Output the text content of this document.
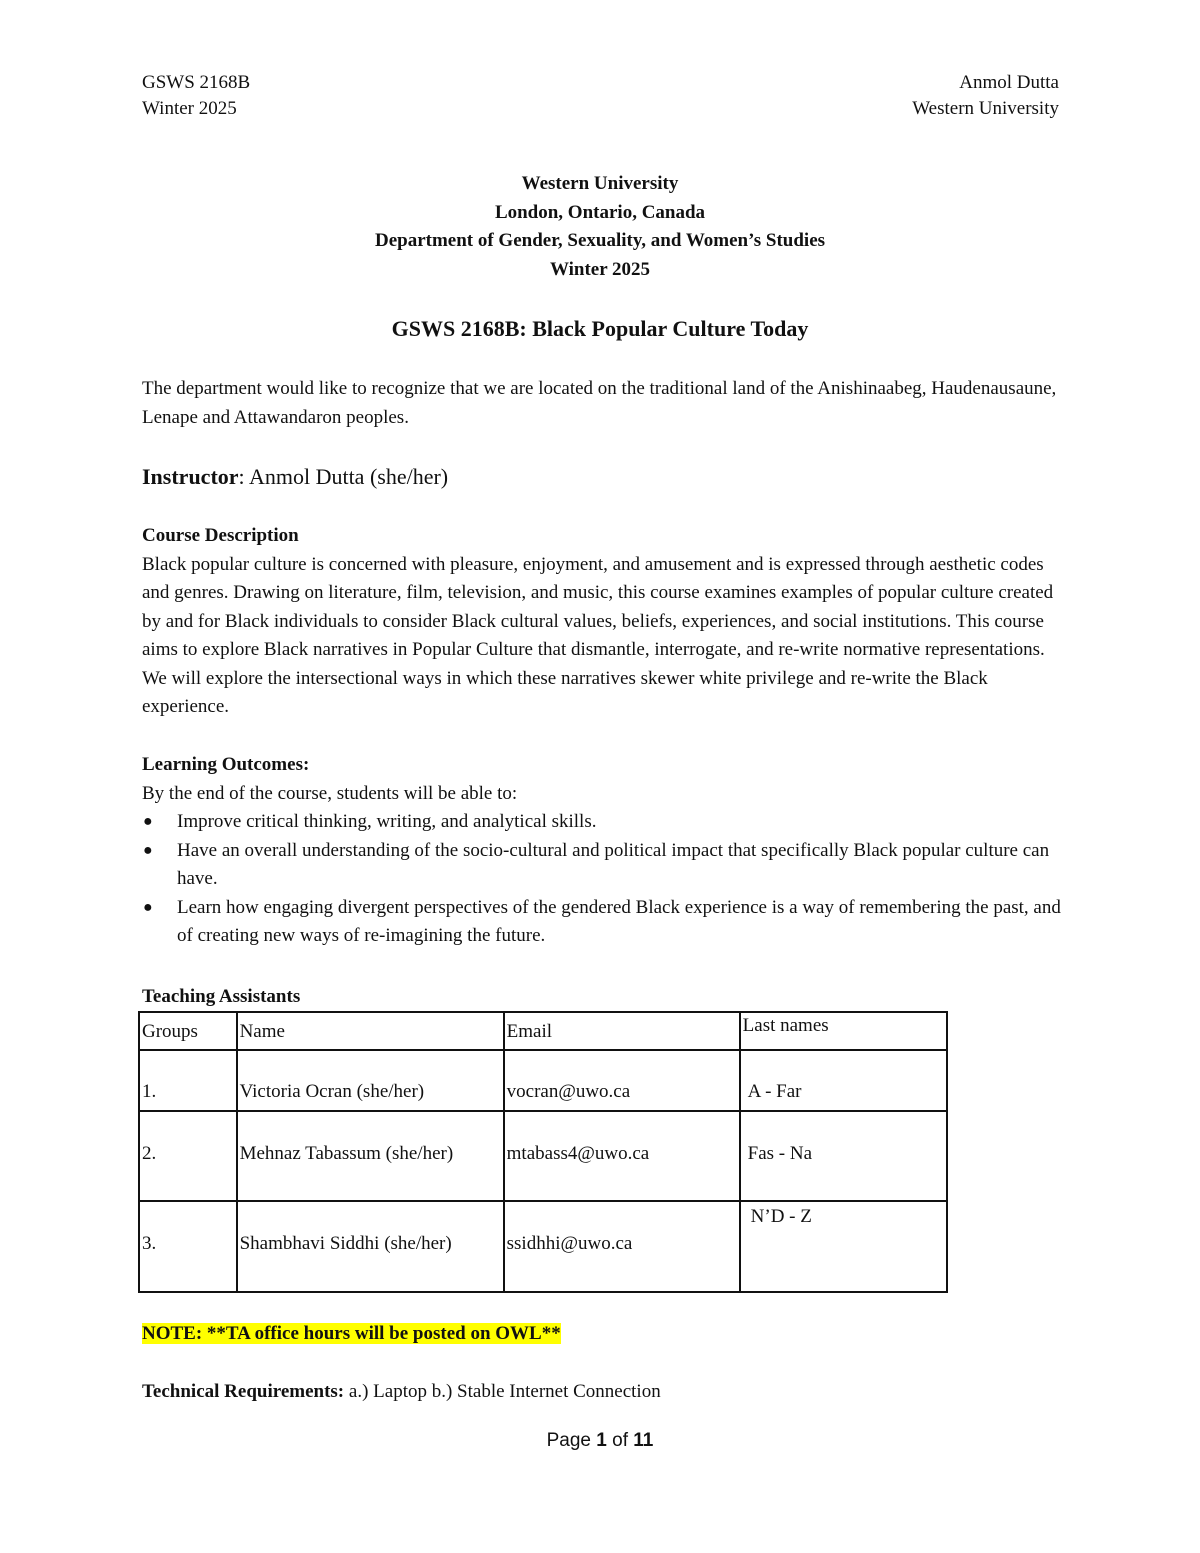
GSWS 2168B
Winter 2025
Anmol Dutta
Western University
Western University
London, Ontario, Canada
Department of Gender, Sexuality, and Women’s Studies
Winter 2025
GSWS 2168B: Black Popular Culture Today
The department would like to recognize that we are located on the traditional land of the Anishinaabeg, Haudenausaune, Lenape and Attawandaron peoples.
Instructor: Anmol Dutta (she/her)
Course Description
Black popular culture is concerned with pleasure, enjoyment, and amusement and is expressed through aesthetic codes and genres. Drawing on literature, film, television, and music, this course examines examples of popular culture created by and for Black individuals to consider Black cultural values, beliefs, experiences, and social institutions. This course aims to explore Black narratives in Popular Culture that dismantle, interrogate, and re-write normative representations. We will explore the intersectional ways in which these narratives skewer white privilege and re-write the Black experience.
Learning Outcomes:
By the end of the course, students will be able to:
● Improve critical thinking, writing, and analytical skills.
● Have an overall understanding of the socio-cultural and political impact that specifically Black popular culture can have.
● Learn how engaging divergent perspectives of the gendered Black experience is a way of remembering the past, and of creating new ways of re-imagining the future.
Teaching Assistants
Groups	Name	Email	Last names

1.	Victoria Ocran (she/her)	vocran@uwo.ca	A - Far

2.	Mehnaz Tabassum (she/her)	mtabass4@uwo.ca	Fas - Na

3.	Shambhavi Siddhi (she/her)	ssidhhi@uwo.ca	N’D - Z
NOTE: **TA office hours will be posted on OWL**
Technical Requirements: a.) Laptop b.) Stable Internet Connection
Page 1 of 11
